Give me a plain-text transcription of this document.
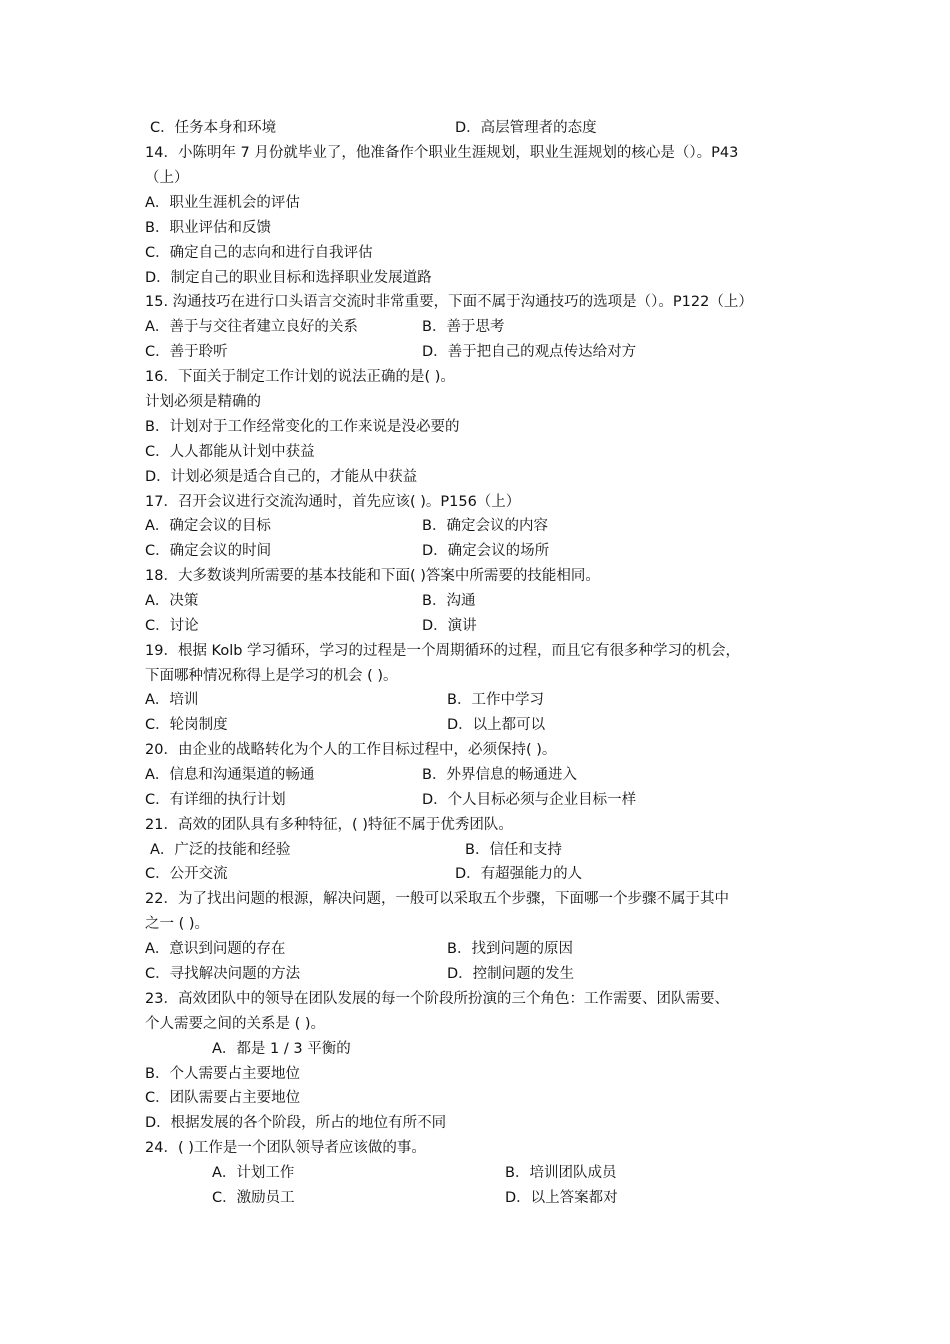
C．任务本身和环境	D．高层管理者的态度
14．小陈明年 7 月份就毕业了，他准备作个职业生涯规划，职业生涯规划的核心是（）。P43
（上）
A．职业生涯机会的评估
B．职业评估和反馈
C．确定自己的志向和进行自我评估
D．制定自己的职业目标和选择职业发展道路
15. 沟通技巧在进行口头语言交流时非常重要，下面不属于沟通技巧的选项是（）。P122（上）
A．善于与交往者建立良好的关系	B．善于思考
C．善于聆听	D．善于把自己的观点传达给对方
16．下面关于制定工作计划的说法正确的是( )。
计划必须是精确的
B．计划对于工作经常变化的工作来说是没必要的
C．人人都能从计划中获益
D．计划必须是适合自己的，才能从中获益
17．召开会议进行交流沟通时，首先应该( )。P156（上）
A．确定会议的目标	B．确定会议的内容
C．确定会议的时间	D．确定会议的场所
18．大多数谈判所需要的基本技能和下面( )答案中所需要的技能相同。
A．决策	B．沟通
C．讨论	D．演讲
19．根据 Kolb 学习循环，学习的过程是一个周期循环的过程，而且它有很多种学习的机会，
下面哪种情况称得上是学习的机会 ( )。
A．培训	B．工作中学习
C．轮岗制度	D．以上都可以
20．由企业的战略转化为个人的工作目标过程中，必须保持( )。
A．信息和沟通渠道的畅通	B．外界信息的畅通进入
C．有详细的执行计划	D．个人目标必须与企业目标一样
21．高效的团队具有多种特征，( )特征不属于优秀团队。
A．广泛的技能和经验	B．信任和支持
C．公开交流	D．有超强能力的人
22．为了找出问题的根源，解决问题，一般可以采取五个步骤，下面哪一个步骤不属于其中
之一 ( )。
A．意识到问题的存在	B．找到问题的原因
C．寻找解决问题的方法	D．控制问题的发生
23．高效团队中的领导在团队发展的每一个阶段所扮演的三个角色：工作需要、团队需要、
个人需要之间的关系是 ( )。
A．都是 1 / 3 平衡的
B．个人需要占主要地位
C．团队需要占主要地位
D．根据发展的各个阶段，所占的地位有所不同
24．( )工作是一个团队领导者应该做的事。
A．计划工作	B．培训团队成员
C．激励员工	D．以上答案都对
